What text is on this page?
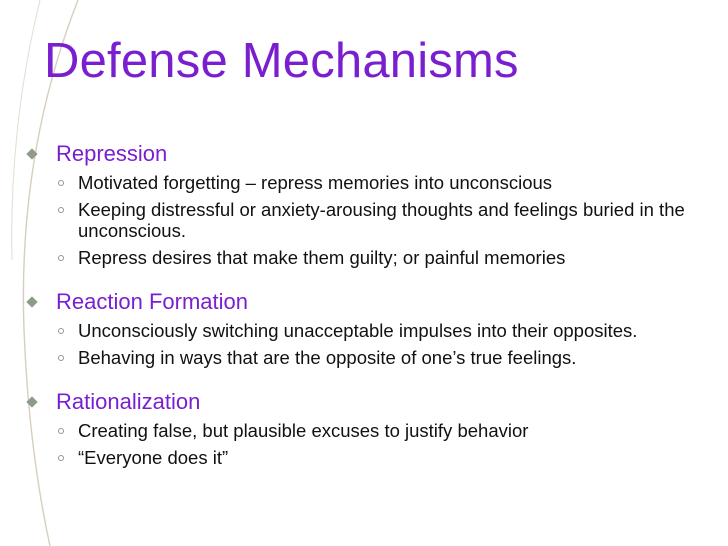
Defense Mechanisms
Repression
Motivated forgetting – repress memories into unconscious
Keeping distressful or anxiety-arousing thoughts and feelings buried in the unconscious.
Repress desires that make them guilty; or painful memories
Reaction Formation
Unconsciously switching unacceptable impulses into their opposites.
Behaving in ways that are the opposite of one’s true feelings.
Rationalization
Creating false, but plausible excuses to justify behavior
“Everyone does it”
